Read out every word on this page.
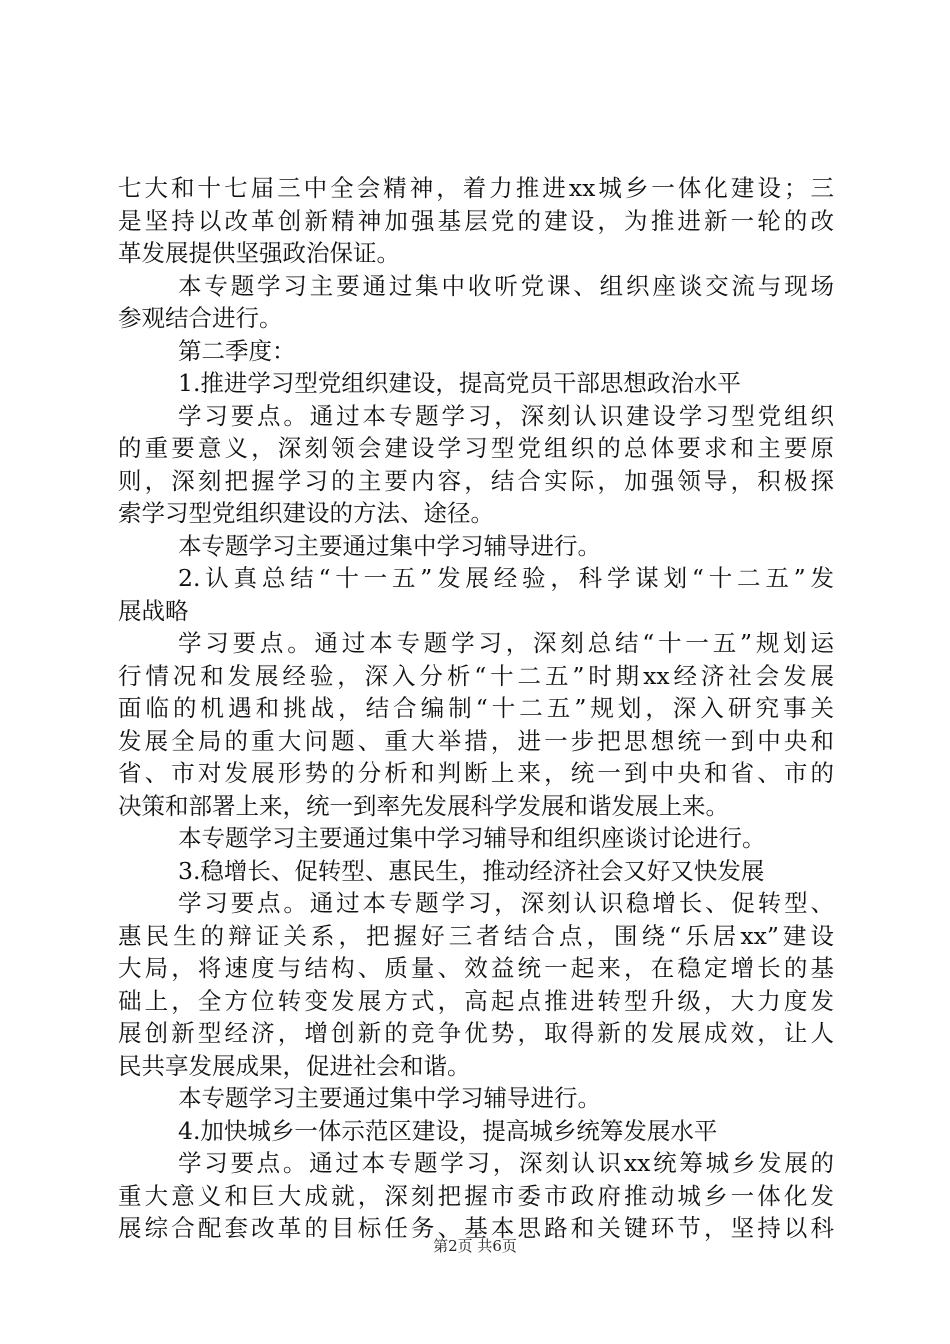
七大和十七届三中全会精神，着力推进xx城乡一体化建设；三
是坚持以改革创新精神加强基层党的建设，为推进新一轮的改
革发展提供坚强政治保证。
本专题学习主要通过集中收听党课、组织座谈交流与现场
参观结合进行。
第二季度：
1.推进学习型党组织建设，提高党员干部思想政治水平
学习要点。通过本专题学习，深刻认识建设学习型党组织
的重要意义，深刻领会建设学习型党组织的总体要求和主要原
则，深刻把握学习的主要内容，结合实际，加强领导，积极探
索学习型党组织建设的方法、途径。
本专题学习主要通过集中学习辅导进行。
2.认真总结“十一五”发展经验，科学谋划“十二五”发
展战略
学习要点。通过本专题学习，深刻总结“十一五”规划运
行情况和发展经验，深入分析“十二五”时期xx经济社会发展
面临的机遇和挑战，结合编制“十二五”规划，深入研究事关
发展全局的重大问题、重大举措，进一步把思想统一到中央和
省、市对发展形势的分析和判断上来，统一到中央和省、市的
决策和部署上来，统一到率先发展科学发展和谐发展上来。
本专题学习主要通过集中学习辅导和组织座谈讨论进行。
3.稳增长、促转型、惠民生，推动经济社会又好又快发展
学习要点。通过本专题学习，深刻认识稳增长、促转型、
惠民生的辩证关系，把握好三者结合点，围绕“乐居xx”建设
大局，将速度与结构、质量、效益统一起来，在稳定增长的基
础上，全方位转变发展方式，高起点推进转型升级，大力度发
展创新型经济，增创新的竞争优势，取得新的发展成效，让人
民共享发展成果，促进社会和谐。
本专题学习主要通过集中学习辅导进行。
4.加快城乡一体示范区建设，提高城乡统筹发展水平
学习要点。通过本专题学习，深刻认识xx统筹城乡发展的
重大意义和巨大成就，深刻把握市委市政府推动城乡一体化发
展综合配套改革的目标任务、基本思路和关键环节，坚持以科
第2页 共6页
